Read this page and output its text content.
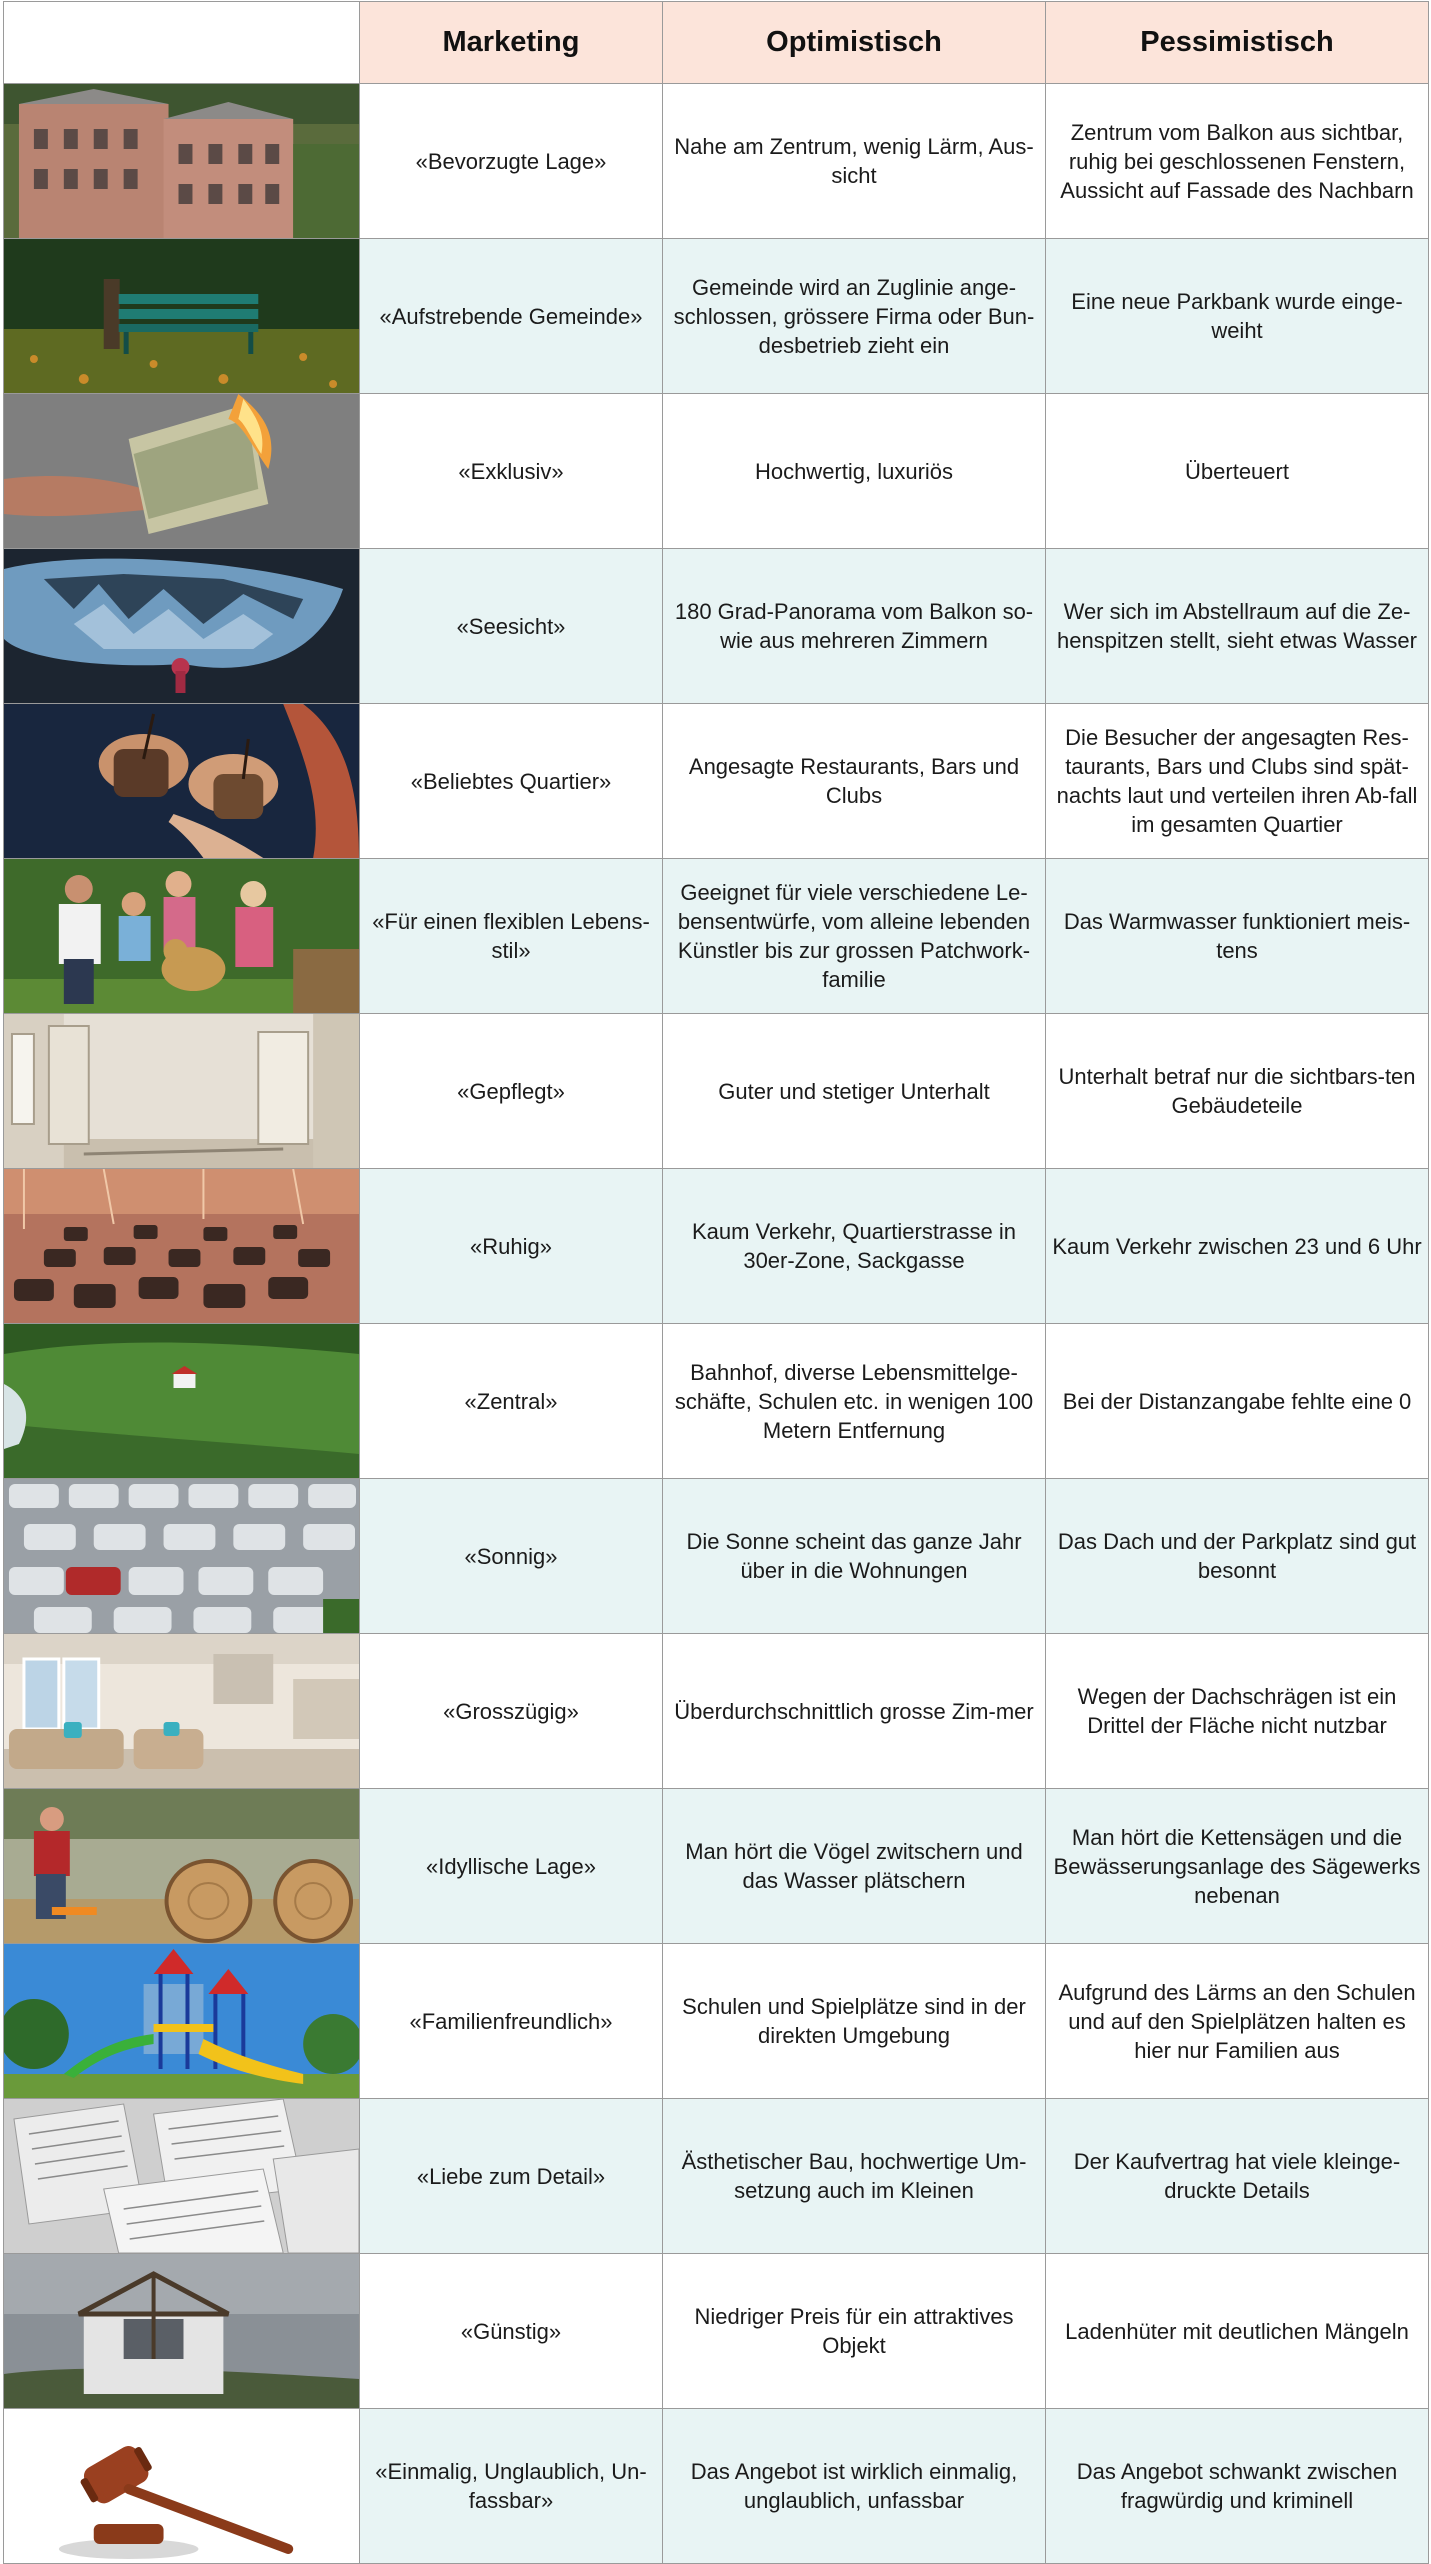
	Marketing	Optimistisch	Pessimistisch

	«Bevorzugte Lage»	Nahe am Zentrum, wenig Lärm, Aus-sicht	Zentrum vom Balkon aus sichtbar, ruhig bei geschlossenen Fenstern, Aussicht auf Fassade des Nachbarn

	«Aufstrebende Gemeinde»	Gemeinde wird an Zuglinie ange-schlossen, grössere Firma oder Bun-desbetrieb zieht ein	Eine neue Parkbank wurde einge-weiht

	«Exklusiv»	Hochwertig, luxuriös	Überteuert

	«Seesicht»	180 Grad-Panorama vom Balkon so-wie aus mehreren Zimmern	Wer sich im Abstellraum auf die Ze-henspitzen stellt, sieht etwas Wasser

	«Beliebtes Quartier»	Angesagte Restaurants, Bars und Clubs	Die Besucher der angesagten Res-taurants, Bars und Clubs sind spät-nachts laut und verteilen ihren Ab-fall im gesamten Quartier

	«Für einen flexiblen Lebens-stil»	Geeignet für viele verschiedene Le-bensentwürfe, vom alleine lebenden Künstler bis zur grossen Patchwork-familie	Das Warmwasser funktioniert meis-tens

	«Gepflegt»	Guter und stetiger Unterhalt	Unterhalt betraf nur die sichtbars-ten Gebäudeteile

	«Ruhig»	Kaum Verkehr, Quartierstrasse in 30er-Zone, Sackgasse	Kaum Verkehr zwischen 23 und 6 Uhr

	«Zentral»	Bahnhof, diverse Lebensmittelge-schäfte, Schulen etc. in wenigen 100 Metern Entfernung	Bei der Distanzangabe fehlte eine 0

	«Sonnig»	Die Sonne scheint das ganze Jahr über in die Wohnungen	Das Dach und der Parkplatz sind gut besonnt

	«Grosszügig»	Überdurchschnittlich grosse Zim-mer	Wegen der Dachschrägen ist ein Drittel der Fläche nicht nutzbar

	«Idyllische Lage»	Man hört die Vögel zwitschern und das Wasser plätschern	Man hört die Kettensägen und die Bewässerungsanlage des Sägewerks nebenan

	«Familienfreundlich»	Schulen und Spielplätze sind in der direkten Umgebung	Aufgrund des Lärms an den Schulen und auf den Spielplätzen halten es hier nur Familien aus

	«Liebe zum Detail»	Ästhetischer Bau, hochwertige Um-setzung auch im Kleinen	Der Kaufvertrag hat viele kleinge-druckte Details

	«Günstig»	Niedriger Preis für ein attraktives Objekt	Ladenhüter mit deutlichen Mängeln

	«Einmalig, Unglaublich, Un-fassbar»	Das Angebot ist wirklich einmalig, unglaublich, unfassbar	Das Angebot schwankt zwischen fragwürdig und kriminell
